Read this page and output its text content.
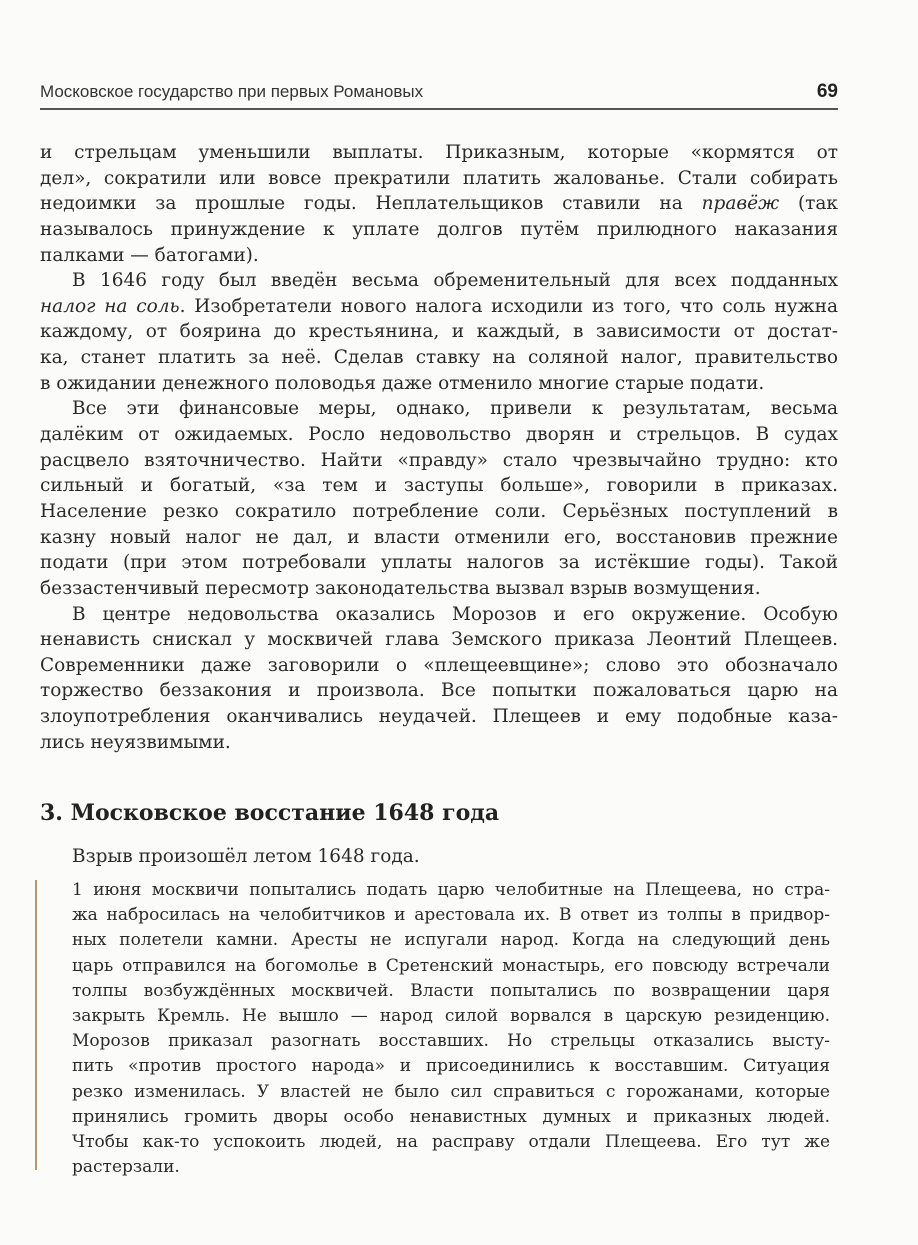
Московское государство при первых Романовых	69
и стрельцам уменьшили выплаты. Приказным, которые «кормятся от
дел», сократили или вовсе прекратили платить жалованье. Стали собирать
недоимки за прошлые годы. Неплательщиков ставили на правёж (так
называлось принуждение к уплате долгов путём прилюдного наказания
палками — батогами).
В 1646 году был введён весьма обременительный для всех подданных
налог на соль. Изобретатели нового налога исходили из того, что соль нужна
каждому, от боярина до крестьянина, и каждый, в зависимости от достат-
ка, станет платить за неё. Сделав ставку на соляной налог, правительство
в ожидании денежного половодья даже отменило многие старые подати.
Все эти финансовые меры, однако, привели к результатам, весьма
далёким от ожидаемых. Росло недовольство дворян и стрельцов. В судах
расцвело взяточничество. Найти «правду» стало чрезвычайно трудно: кто
сильный и богатый, «за тем и заступы больше», говорили в приказах.
Население резко сократило потребление соли. Серьёзных поступлений в
казну новый налог не дал, и власти отменили его, восстановив прежние
подати (при этом потребовали уплаты налогов за истёкшие годы). Такой
беззастенчивый пересмотр законодательства вызвал взрыв возмущения.
В центре недовольства оказались Морозов и его окружение. Особую
ненависть снискал у москвичей глава Земского приказа Леонтий Плещеев.
Современники даже заговорили о «плещеевщине»; слово это обозначало
торжество беззакония и произвола. Все попытки пожаловаться царю на
злоупотребления оканчивались неудачей. Плещеев и ему подобные каза-
лись неуязвимыми.
3. Московское восстание 1648 года
Взрыв произошёл летом 1648 года.
1 июня москвичи попытались подать царю челобитные на Плещеева, но стра-
жа набросилась на челобитчиков и арестовала их. В ответ из толпы в придвор-
ных полетели камни. Аресты не испугали народ. Когда на следующий день
царь отправился на богомолье в Сретенский монастырь, его повсюду встречали
толпы возбуждённых москвичей. Власти попытались по возвращении царя
закрыть Кремль. Не вышло — народ силой ворвался в царскую резиденцию.
Морозов приказал разогнать восставших. Но стрельцы отказались высту-
пить «против простого народа» и присоединились к восставшим. Ситуация
резко изменилась. У властей не было сил справиться с горожанами, которые
принялись громить дворы особо ненавистных думных и приказных людей.
Чтобы как-то успокоить людей, на расправу отдали Плещеева. Его тут же
растерзали.
